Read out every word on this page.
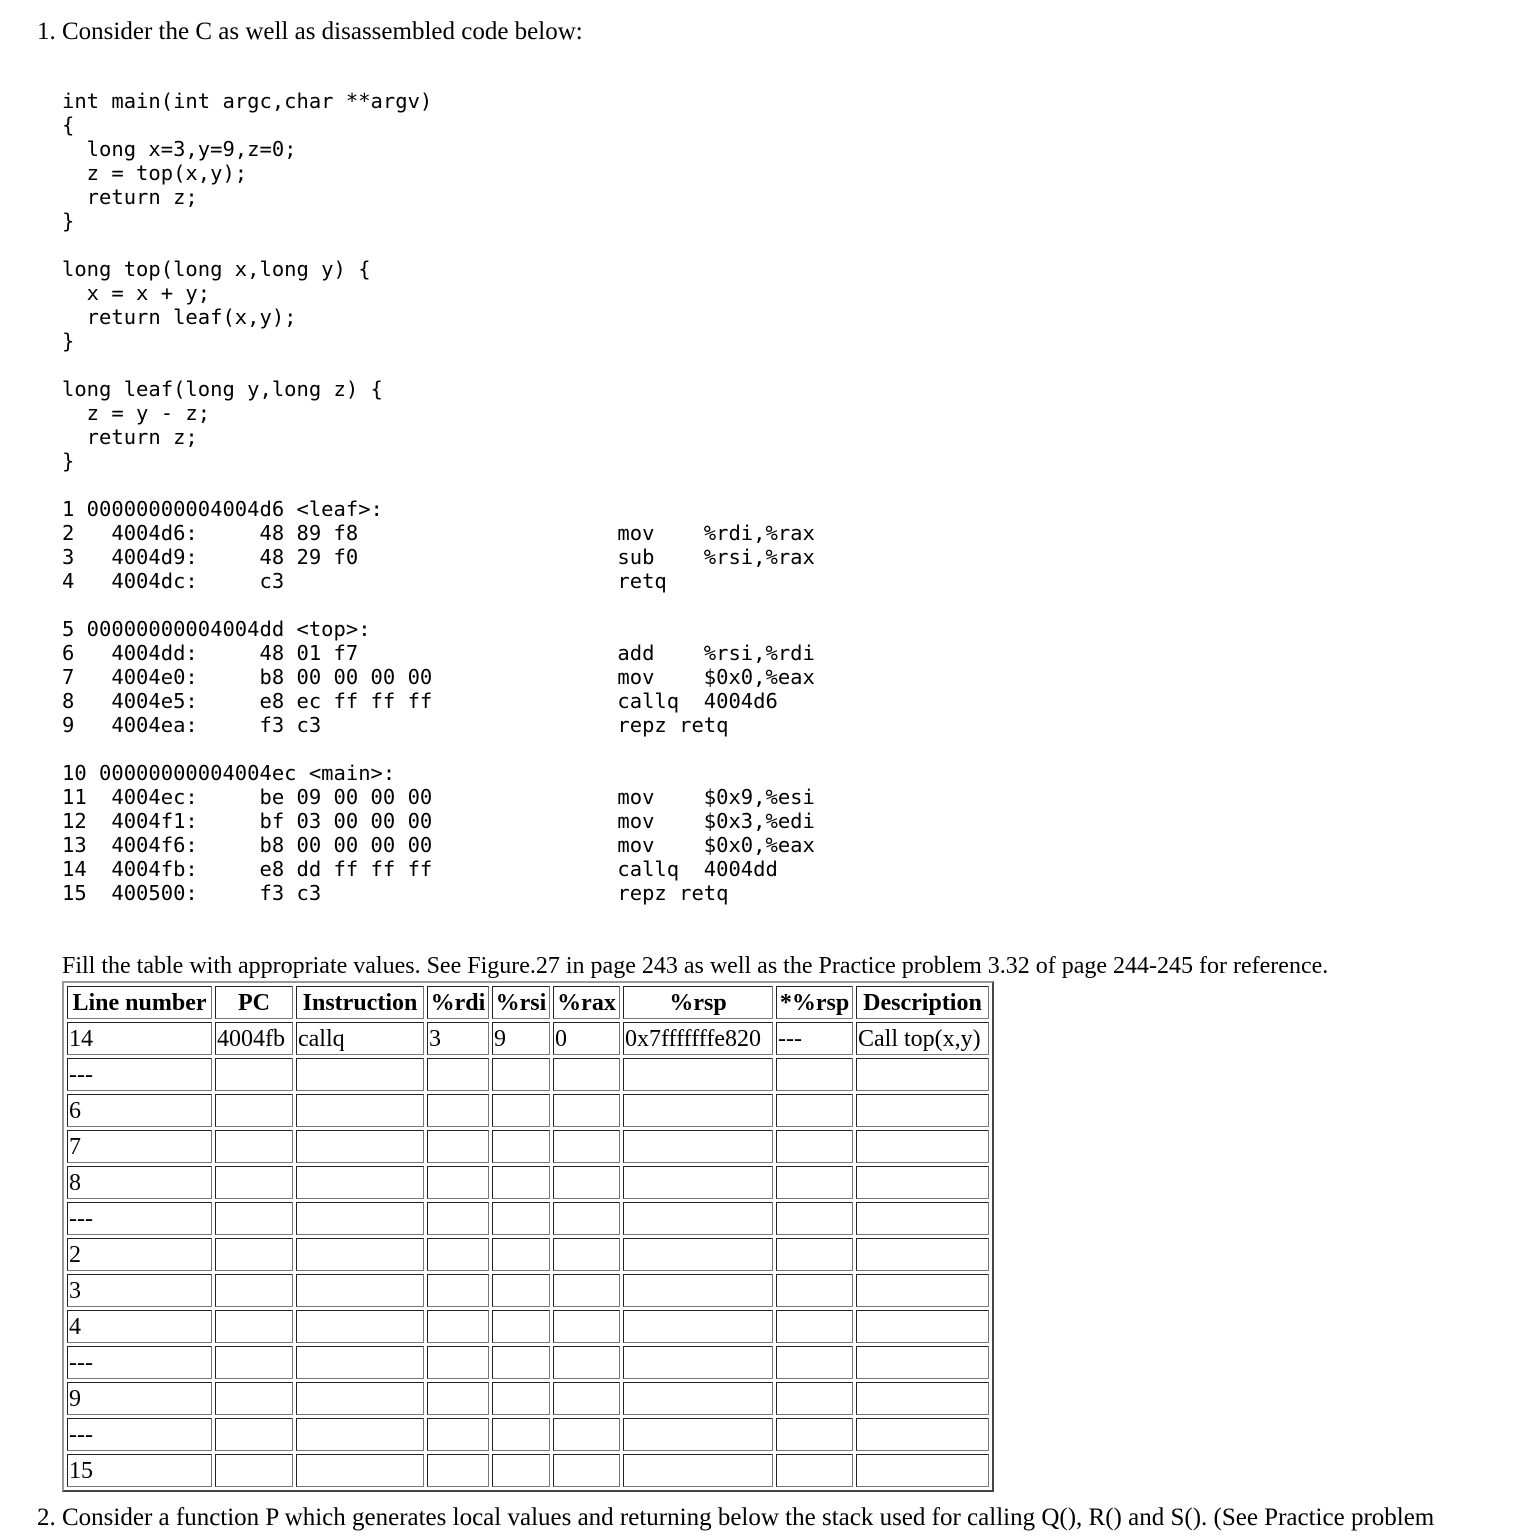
1. Consider the C as well as disassembled code below:
int main(int argc,char **argv)
{
long x=3,y=9,z=0;
z = top(x,y);
return z;
}

long top(long x,long y) {
x = x + y;
return leaf(x,y);
}

long leaf(long y,long z) {
z = y - z;
return z;
}
1 00000000004004d6 <leaf>:
2   4004d6:     48 89 f8                     mov    %rdi,%rax
3   4004d9:     48 29 f0                     sub    %rsi,%rax
4   4004dc:     c3                           retq
5 00000000004004dd <top>:
6   4004dd:     48 01 f7                     add    %rsi,%rdi
7   4004e0:     b8 00 00 00 00               mov    $0x0,%eax
8   4004e5:     e8 ec ff ff ff               callq  4004d6
9   4004ea:     f3 c3                        repz retq
10 00000000004004ec <main>:
11  4004ec:     be 09 00 00 00               mov    $0x9,%esi
12  4004f1:     bf 03 00 00 00               mov    $0x3,%edi
13  4004f6:     b8 00 00 00 00               mov    $0x0,%eax
14  4004fb:     e8 dd ff ff ff               callq  4004dd
15  400500:     f3 c3                        repz retq
Fill the table with appropriate values. See Figure.27 in page 243 as well as the Practice problem 3.32 of page 244-245 for reference.
Line number	PC	Instruction	%rdi	%rsi	%rax	%rsp	*%rsp	Description
14	4004fb	callq	3	9	0	0x7fffffffe820	---	Call top(x,y)
---								
6								
7								
8								
---								
2								
3								
4								
---								
9								
---								
15								
2. Consider a function P which generates local values and returning below the stack used for calling Q(), R() and S(). (See Practice problem
